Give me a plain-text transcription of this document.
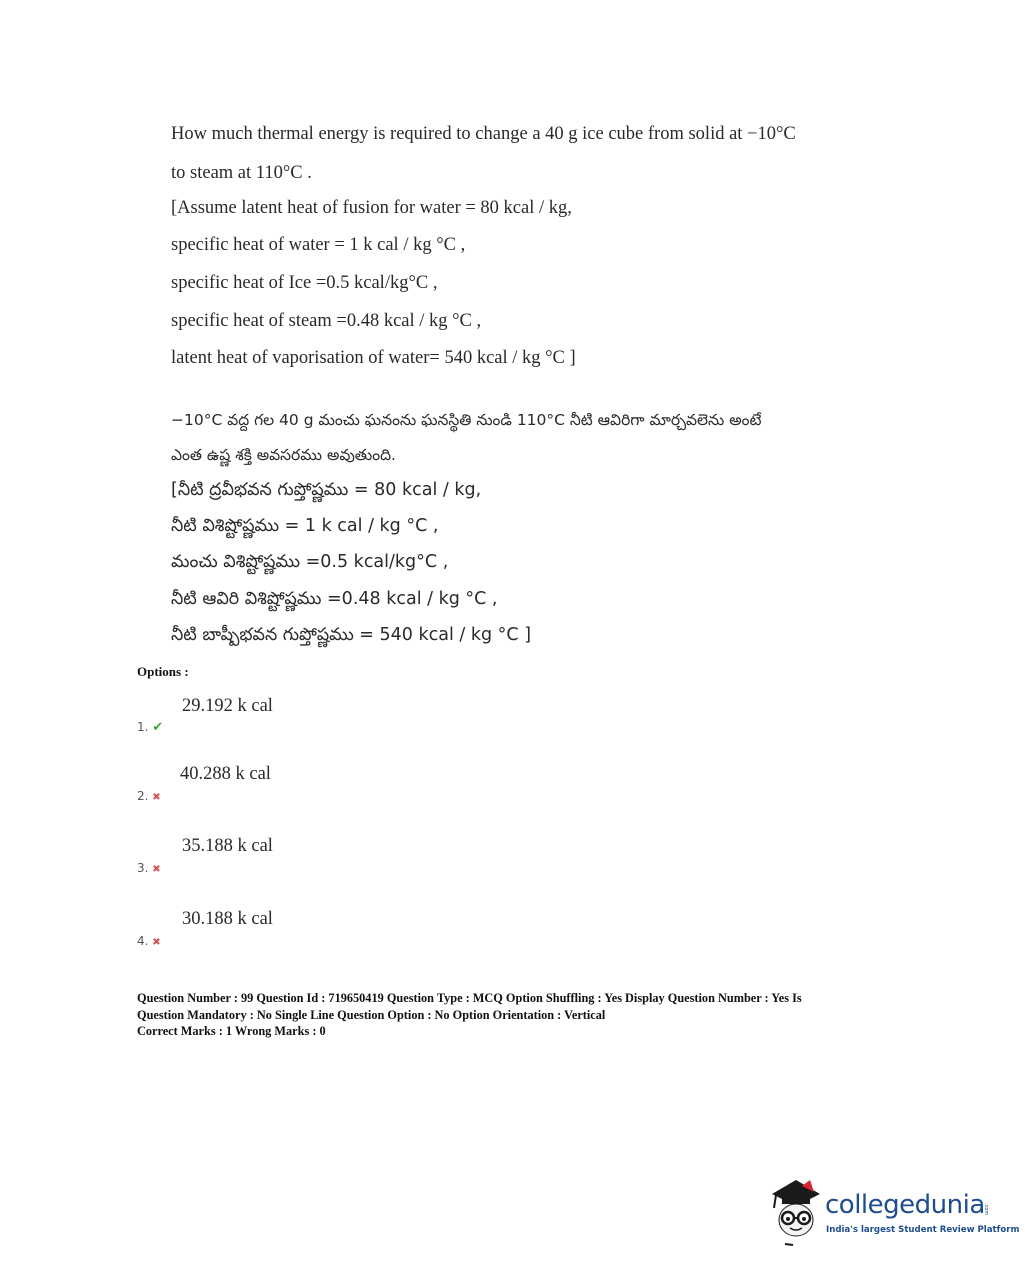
How much thermal energy is required to change a 40 g ice cube from solid at −10°C
to steam at 110°C .
[Assume latent heat of fusion for water = 80 kcal / kg,
specific heat of water = 1 k cal / kg °C ,
specific heat of Ice =0.5 kcal/kg°C ,
specific heat of steam =0.48 kcal / kg °C ,
latent heat of vaporisation of water= 540 kcal / kg °C ]
−10°C వద్ద గల 40 g మంచు ఘనంను ఘనస్థితి నుండి 110°C నీటి ఆవిరిగా మార్చవలెను అంటే
ఎంత ఉష్ణ శక్తి అవసరము అవుతుంది.
[నీటి ద్రవీభవన గుప్తోష్ణము = 80 kcal / kg,
నీటి విశిష్టోష్ణము = 1 k cal / kg °C ,
మంచు విశిష్టోష్ణము =0.5 kcal/kg°C ,
నీటి ఆవిరి విశిష్టోష్ణము =0.48 kcal / kg °C ,
నీటి బాష్పీభవన గుప్తోష్ణము = 540 kcal / kg °C ]
Options :
29.192 k cal
1. ✔
40.288 k cal
2. ✖
35.188 k cal
3. ✖
30.188 k cal
4. ✖
Question Number : 99 Question Id : 719650419 Question Type : MCQ Option Shuffling : Yes Display Question Number : Yes Is
Question Mandatory : No Single Line Question Option : No Option Orientation : Vertical
Correct Marks : 1 Wrong Marks : 0
collegedunia
.com
India's largest Student Review Platform
